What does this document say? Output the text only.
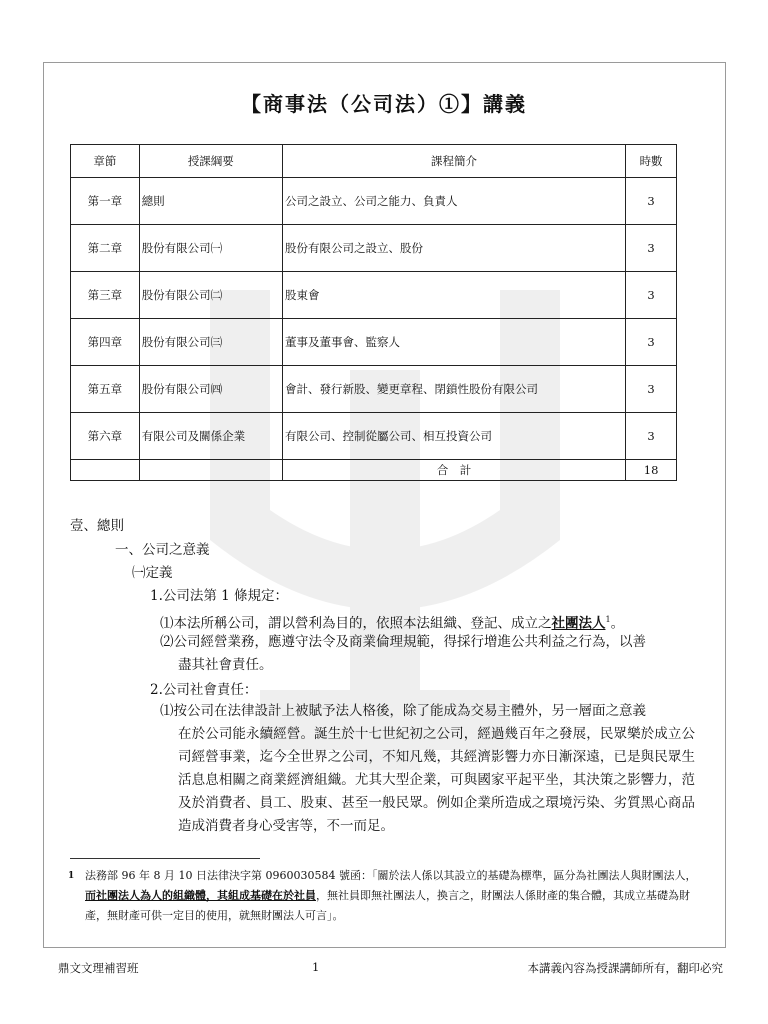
【商事法（公司法）①】講義
章節	授課綱要	課程簡介	時數
第一章	總則	公司之設立、公司之能力、負責人	3
第二章	股份有限公司㈠	股份有限公司之設立、股份	3
第三章	股份有限公司㈡	股東會	3
第四章	股份有限公司㈢	董事及董事會、監察人	3
第五章	股份有限公司㈣	會計、發行新股、變更章程、閉鎖性股份有限公司	3
第六章	有限公司及關係企業	有限公司、控制從屬公司、相互投資公司	3
		合　計	18
壹、總則
一、公司之意義
㈠定義
1.公司法第 1 條規定：
⑴本法所稱公司，謂以營利為目的，依照本法組織、登記、成立之社團法人$^1$。
⑵公司經營業務，應遵守法令及商業倫理規範，得採行增進公共利益之行為，以善
盡其社會責任。
2.公司社會責任：
⑴按公司在法律設計上被賦予法人格後，除了能成為交易主體外，另一層面之意義
在於公司能永續經營。誕生於十七世紀初之公司，經過幾百年之發展，民眾樂於成立公司經營事業，迄今全世界之公司，不知凡幾，其經濟影響力亦日漸深遠，已是與民眾生活息息相關之商業經濟組織。尤其大型企業，可與國家平起平坐，其決策之影響力，范及於消費者、員工、股東、甚至一般民眾。例如企業所造成之環境污染、劣質黑心商品造成消費者身心受害等，不一而足。
1 法務部 96 年 8 月 10 日法律決字第 0960030584 號函：「關於法人係以其設立的基礎為標準，區分為社團法人與財團法人，而社團法人為人的組織體，其組成基礎在於社員，無社員即無社團法人，換言之，財團法人係財產的集合體，其成立基礎為財產，無財產可供一定目的使用，就無財團法人可言」。
鼎文文理補習班	1	本講義內容為授課講師所有，翻印必究
